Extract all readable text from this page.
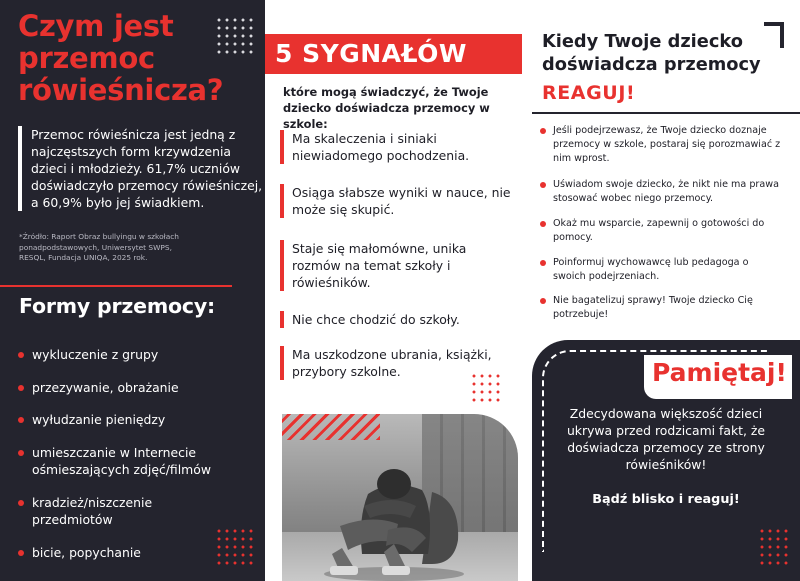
Czym jest przemoc rówieśnicza?

Przemoc rówieśnicza jest jedną z najczęstszych form krzywdzenia dzieci i młodzieży. 61,7% uczniów doświadczyło przemocy rówieśniczej, a 60,9% było jej świadkiem.

*Źródło: Raport Obraz bullyingu w szkołach ponadpodstawowych, Uniwersytet SWPS, RESQL, Fundacja UNIQA, 2025 rok.

Formy przemocy:
wykluczenie z grupy
przezywanie, obrażanie
wyłudzanie pieniędzy
umieszczanie w Internecie ośmieszających zdjęć/filmów
kradzież/niszczenie przedmiotów
bicie, popychanie
5 SYGNAŁÓW

które mogą świadczyć, że Twoje dziecko doświadcza przemocy w szkole:

Ma skaleczenia i siniaki niewiadomego pochodzenia.
Osiąga słabsze wyniki w nauce, nie może się skupić.
Staje się małomówne, unika rozmów na temat szkoły i rówieśników.
Nie chce chodzić do szkoły.
Ma uszkodzone ubrania, książki, przybory szkolne.
Kiedy Twoje dziecko doświadcza przemocy
REAGUJ!
Jeśli podejrzewasz, że Twoje dziecko doznaje przemocy w szkole, postaraj się porozmawiać z nim wprost.
Uświadom swoje dziecko, że nikt nie ma prawa stosować wobec niego przemocy.
Okaż mu wsparcie, zapewnij o gotowości do pomocy.
Poinformuj wychowawcę lub pedagoga o swoich podejrzeniach.
Nie bagatelizuj sprawy! Twoje dziecko Cię potrzebuje!
Pamiętaj!

Zdecydowana większość dzieci ukrywa przed rodzicami fakt, że doświadcza przemocy ze strony rówieśników!

Bądź blisko i reaguj!
